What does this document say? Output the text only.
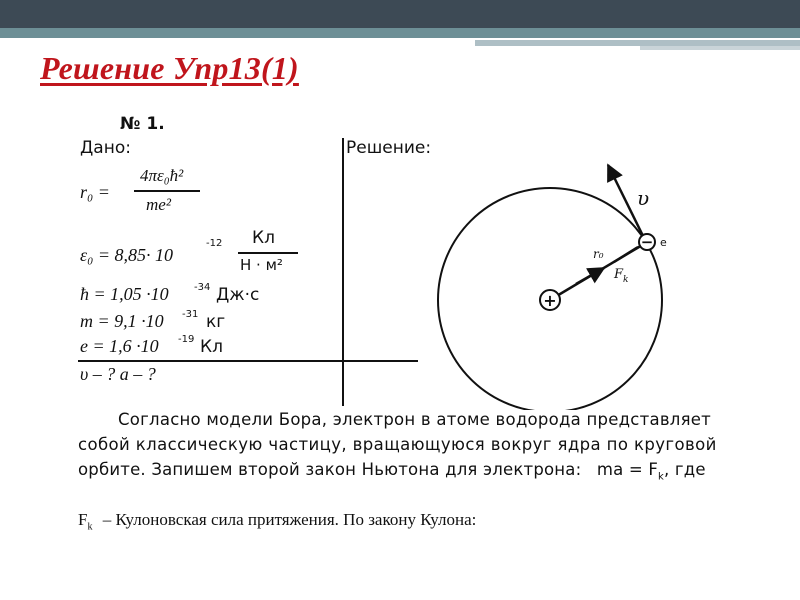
Решение Упр13(1)
№ 1.
Дано:	Решение:
r₀ =
4πε₀ħ²
me²
ε₀ = 8,85· 10
-12 Кл
Н · м²
ħ = 1,05 ·10	-34 Дж·с
m = 9,1 ·10 -31 кг
e = 1,6 ·10 -19 Кл
υ – ? a – ?
+
− e
υ
r₀
F k
Согласно модели Бора, электрон в атоме водорода представляет
собой классическую частицу, вращающуюся вокруг ядра по круговой
орбите. Запишем второй закон Ньютона для электрона: ma = $F_k$, где
$F_k$ – Кулоновская сила притяжения. По закону Кулона:
